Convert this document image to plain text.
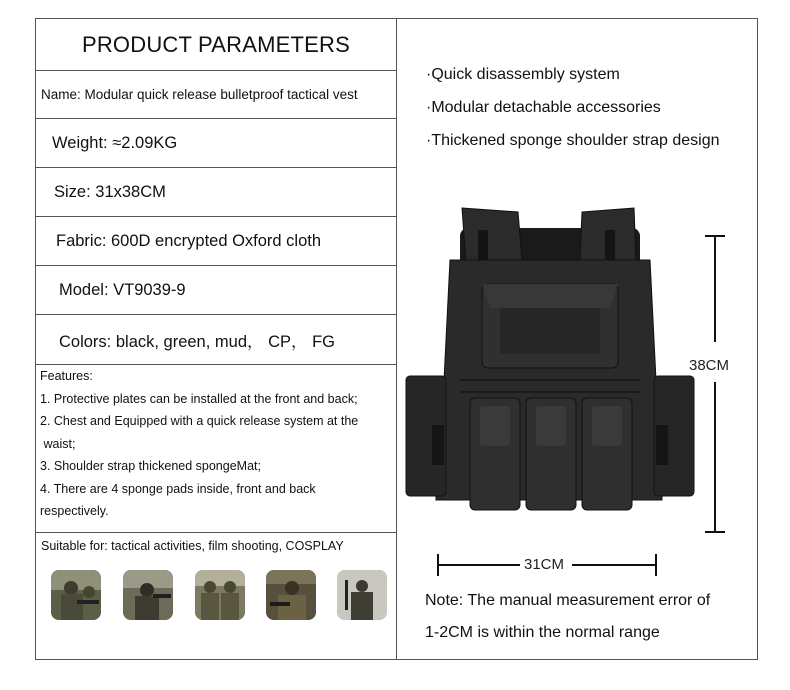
PRODUCT PARAMETERS
Name: Modular quick release bulletproof tactical vest
Weight: ≈2.09KG
Size: 31x38CM
Fabric: 600D encrypted Oxford cloth
Model: VT9039-9
Colors: black, green, mud， CP， FG
Features:
1. Protective plates can be installed at the front and back;
2. Chest and Equipped with a quick release system at the
waist;
3. Shoulder strap thickened spongeMat;
4. There are 4 sponge pads inside, front and back
respectively.
Suitable for: tactical activities, film shooting, COSPLAY
·Quick disassembly system
·Modular detachable accessories
·Thickened sponge shoulder strap design
38CM
31CM
Note: The manual measurement error of
1-2CM is within the normal range
